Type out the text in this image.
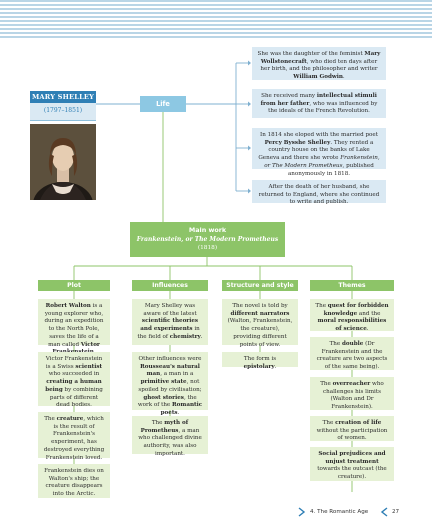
MARY SHELLEY
(1797–1851)
Life
She was the daughter of the feminist Mary Wollstonecraft, who died ten days after her birth, and the philosopher and writer William Godwin.
She received many intellectual stimuli from her father, who was influenced by the ideals of the French Revolution.
In 1814 she eloped with the married poet Percy Bysshe Shelley. They rented a country house on the banks of Lake Geneva and there she wrote Frankenstein, or The Modern Prometheus, published anonymously in 1818.
After the death of her husband, she returned to England, where she continued to write and publish.
Main work
Frankenstein, or The Modern Prometheus
(1818)
Plot	Influences	Structure and style	Themes
Robert Walton is a young explorer who, during an expedition to the North Pole, saves the life of a man called Victor
Victor Frankenstein is a Swiss scientist who succeeded in creating a human being by combining parts of different dead bodies.
The creature, which is the result of Frankenstein's experiment, has destroyed everything Frankenstein loved.
Frankenstein dies on Walton's ship; the creature disappears into the Arctic.
Mary Shelley was aware of the latest scientific theories and experiments in the field of chemistry.
Other influences were Rousseau's natural man, a man in a primitive state, not spoiled by civilisation; ghost stories, the work of the Romantic poets.
The myth of Prometheus, a man who challenged divine authority, was also important.
The novel is told by different narrators (Walton, Frankenstein, the creature), providing different points of view.
The form is epistolary.
The quest for forbidden knowledge and the moral responsibilities of science.
The double (Dr Frankenstein and the creature are two aspects of the same being).
The overreacher who challenges his limits (Walton and Dr Frankenstein).
The creation of life without the participation of women.
Social prejudices and unjust treatment towards the outcast (the creature).
4. The Romantic Age	27
